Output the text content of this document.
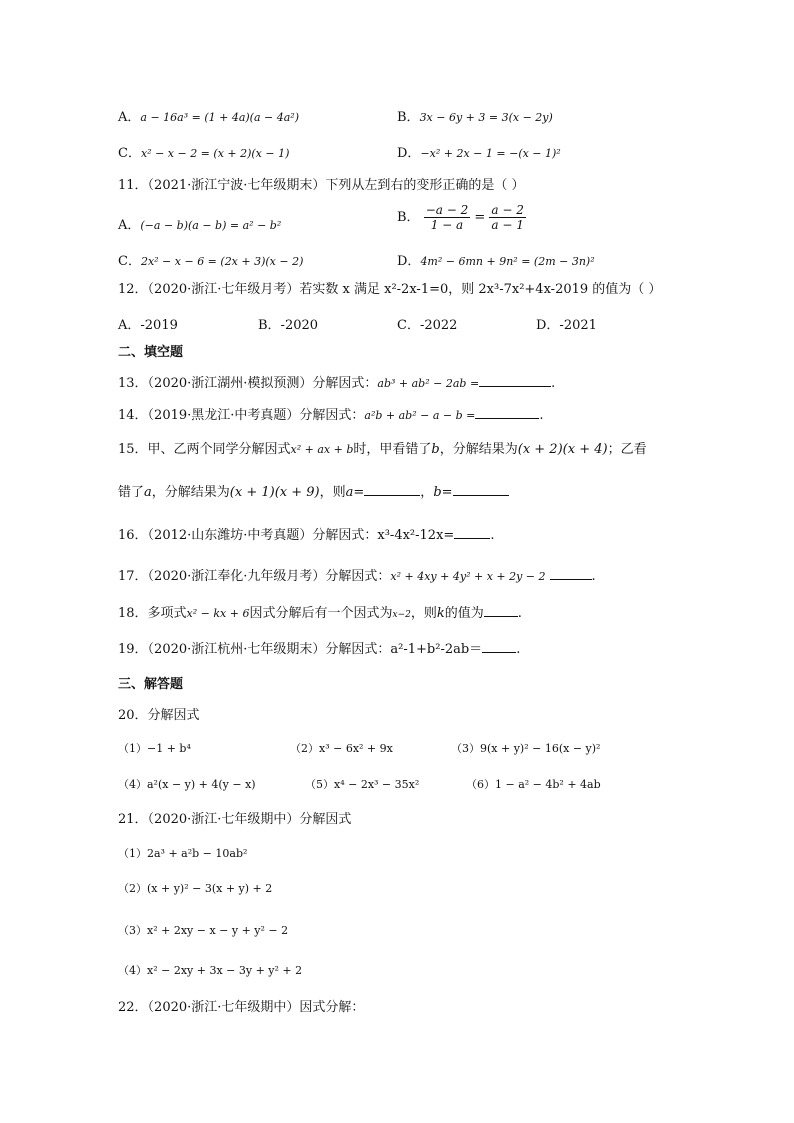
A．a − 16a³ = (1 + 4a)(a − 4a²)	B．3x − 6y + 3 = 3(x − 2y)
C．x² − x − 2 = (x + 2)(x − 1)	D．−x² + 2x − 1 = −(x − 1)²
11．（2021·浙江宁波·七年级期末）下列从左到右的变形正确的是（ ）
A．(−a − b)(a − b) = a² − b²
B． $\frac{-a - 2}{1 - a} = \frac{a - 2}{a - 1}$
C．2x² − x − 6 = (2x + 3)(x − 2)	D．4m² − 6mn + 9n² = (2m − 3n)²
12．（2020·浙江·七年级月考）若实数 x 满足 x²-2x-1=0，则 2x³-7x²+4x-2019 的值为（ ）
A．-2019	B．-2020	C．-2022	D．-2021
二、填空题
13．（2020·浙江湖州·模拟预测）分解因式：ab³ + ab² − 2ab =	.
14．（2019·黑龙江·中考真题）分解因式：a²b + ab² − a − b =	.
15．甲、乙两个同学分解因式x² + ax + b时，甲看错了b，分解结果为(x + 2)(x + 4)；乙看
错了a，分解结果为(x + 1)(x + 9)，则a=	，b=
16．（2012·山东潍坊·中考真题）分解因式：x³-4x²-12x=	.
17．（2020·浙江奉化·九年级月考）分解因式：x² + 4xy + 4y² + x + 2y − 2	.
18．多项式x² − kx + 6因式分解后有一个因式为x−2，则k的值为	.
19．（2020·浙江杭州·七年级期末）分解因式：a²-1+b²-2ab＝	.
三、解答题
20．分解因式
（1）−1 + b⁴	（2）x³ − 6x² + 9x	（3）9(x + y)² − 16(x − y)²
（4）a²(x − y) + 4(y − x)	（5）x⁴ − 2x³ − 35x²	（6）1 − a² − 4b² + 4ab
21．（2020·浙江·七年级期中）分解因式
（1）2a³ + a²b − 10ab²
（2）(x + y)² − 3(x + y) + 2
（3）x² + 2xy − x − y + y² − 2
（4）x² − 2xy + 3x − 3y + y² + 2
22．（2020·浙江·七年级期中）因式分解：
